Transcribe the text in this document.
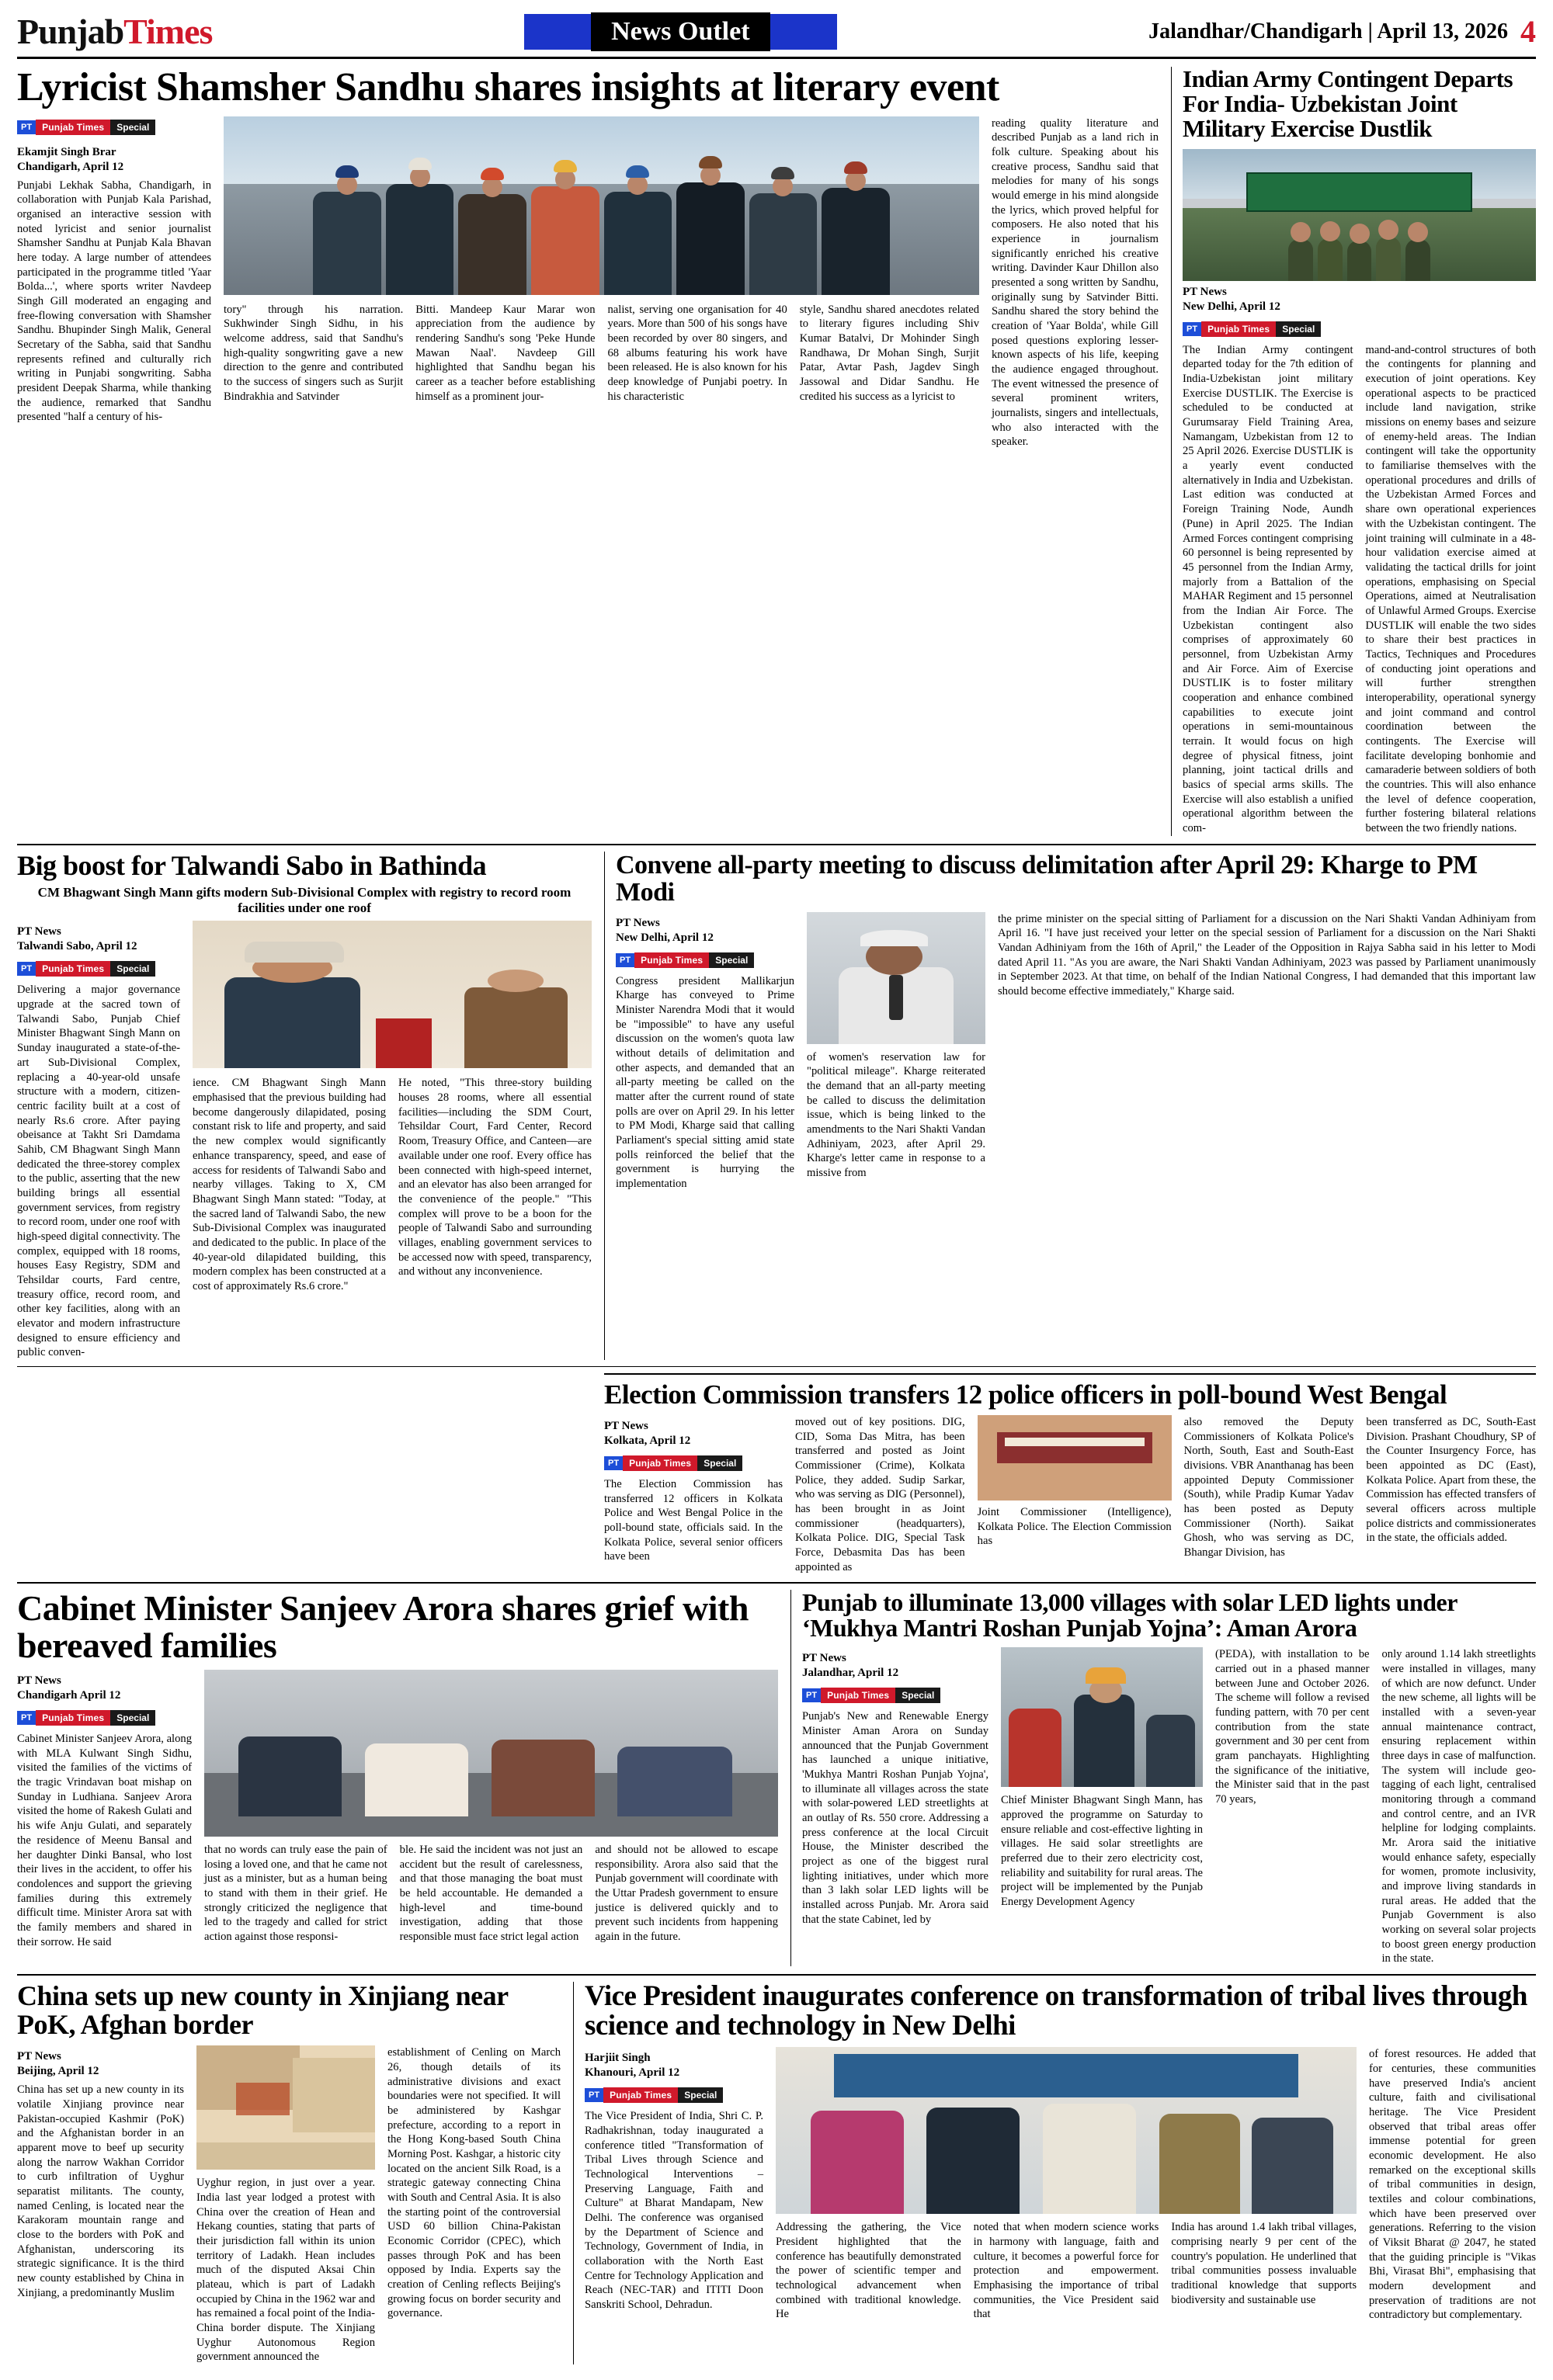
PunjabTimes	News Outlet	Jalandhar/Chandigarh | April 13, 2026 4
Lyricist Shamsher Sandhu shares insights at literary event
PT	Punjab Times	Special
Ekamjit Singh Brar
Chandigarh, April 12
Punjabi Lekhak Sabha, Chandigarh, in collaboration with Punjab Kala Parishad, organised an interactive session with noted lyricist and senior journalist Shamsher Sandhu at Punjab Kala Bhavan here today. A large number of attendees participated in the programme titled 'Yaar Bolda...', where sports writer Navdeep Singh Gill moderated an engaging and free-flowing conversation with Shamsher Sandhu. Bhupinder Singh Malik, General Secretary of the Sabha, said that Sandhu represents refined and culturally rich writing in Punjabi songwriting. Sabha president Deepak Sharma, while thanking the audience, remarked that Sandhu presented "half a century of his-
tory" through his narration. Sukhwinder Singh Sidhu, in his welcome address, said that Sandhu's high-quality songwriting gave a new direction to the genre and contributed to the success of singers such as Surjit Bindrakhia and Satvinder
Bitti. Mandeep Kaur Marar won appreciation from the audience by rendering Sandhu's song 'Peke Hunde Mawan Naal'. Navdeep Gill highlighted that Sandhu began his career as a teacher before establishing himself as a prominent jour-
nalist, serving one organisation for 40 years. More than 500 of his songs have been recorded by over 80 singers, and 68 albums featuring his work have been released. He is also known for his deep knowledge of Punjabi poetry. In his characteristic
style, Sandhu shared anecdotes related to literary figures including Shiv Kumar Batalvi, Dr Mohinder Singh Randhawa, Dr Mohan Singh, Surjit Patar, Avtar Pash, Jagdev Singh Jassowal and Didar Sandhu. He credited his success as a lyricist to
reading quality literature and described Punjab as a land rich in folk culture. Speaking about his creative process, Sandhu said that melodies for many of his songs would emerge in his mind alongside the lyrics, which proved helpful for composers. He also noted that his experience in journalism significantly enriched his creative writing. Davinder Kaur Dhillon also presented a song written by Sandhu, originally sung by Satvinder Bitti. Sandhu shared the story behind the creation of 'Yaar Bolda', while Gill posed questions exploring lesser-known aspects of his life, keeping the audience engaged throughout. The event witnessed the presence of several prominent writers, journalists, singers and intellectuals, who also interacted with the speaker.
Indian Army Contingent Departs For India- Uzbekistan Joint Military Exercise Dustlik
PT News
New Delhi, April 12
PT	Punjab Times	Special
The Indian Army contingent departed today for the 7th edition of India-Uzbekistan joint military Exercise DUSTLIK. The Exercise is scheduled to be conducted at Gurumsaray Field Training Area, Namangam, Uzbekistan from 12 to 25 April 2026. Exercise DUSTLIK is a yearly event conducted alternatively in India and Uzbekistan. Last edition was conducted at Foreign Training Node, Aundh (Pune) in April 2025. The Indian Armed Forces contingent comprising 60 personnel is being represented by 45 personnel from the Indian Army, majorly from a Battalion of the MAHAR Regiment and 15 personnel from the Indian Air Force. The Uzbekistan contingent also comprises of approximately 60 personnel, from Uzbekistan Army and Air Force. Aim of Exercise DUSTLIK is to foster military cooperation and enhance combined capabilities to execute joint operations in semi-mountainous terrain. It would focus on high degree of physical fitness, joint planning, joint tactical drills and basics of special arms skills. The Exercise will also establish a unified operational algorithm between the com-
mand-and-control structures of both the contingents for planning and execution of joint operations. Key operational aspects to be practiced include land navigation, strike missions on enemy bases and seizure of enemy-held areas. The Indian contingent will take the opportunity to familiarise themselves with the operational procedures and drills of the Uzbekistan Armed Forces and share own operational experiences with the Uzbekistan contingent. The joint training will culminate in a 48-hour validation exercise aimed at validating the tactical drills for joint operations, emphasising on Special Operations, aimed at Neutralisation of Unlawful Armed Groups. Exercise DUSTLIK will enable the two sides to share their best practices in Tactics, Techniques and Procedures of conducting joint operations and will further strengthen interoperability, operational synergy and joint command and control coordination between the contingents. The Exercise will facilitate developing bonhomie and camaraderie between soldiers of both the countries. This will also enhance the level of defence cooperation, further fostering bilateral relations between the two friendly nations.
Big boost for Talwandi Sabo in Bathinda
CM Bhagwant Singh Mann gifts modern Sub-Divisional Complex with registry to record room facilities under one roof
PT News
Talwandi Sabo, April 12
PT	Punjab Times	Special
Delivering a major governance upgrade at the sacred town of Talwandi Sabo, Punjab Chief Minister Bhagwant Singh Mann on Sunday inaugurated a state-of-the-art Sub-Divisional Complex, replacing a 40-year-old unsafe structure with a modern, citizen-centric facility built at a cost of nearly Rs.6 crore. After paying obeisance at Takht Sri Damdama Sahib, CM Bhagwant Singh Mann dedicated the three-storey complex to the public, asserting that the new building brings all essential government services, from registry to record room, under one roof with high-speed digital connectivity. The complex, equipped with 18 rooms, houses Easy Registry, SDM and Tehsildar courts, Fard centre, treasury office, record room, and other key facilities, along with an elevator and modern infrastructure designed to ensure efficiency and public conven-
ience. CM Bhagwant Singh Mann emphasised that the previous building had become dangerously dilapidated, posing constant risk to life and property, and said the new complex would significantly enhance transparency, speed, and ease of access for residents of Talwandi Sabo and nearby villages. Taking to X, CM Bhagwant Singh Mann stated: "Today, at the sacred land of Talwandi Sabo, the new Sub-Divisional Complex was inaugurated and dedicated to the public. In place of the 40-year-old dilapidated building, this modern complex has been constructed at a cost of approximately Rs.6 crore."
He noted, "This three-story building houses 28 rooms, where all essential facilities—including the SDM Court, Tehsildar Court, Fard Center, Record Room, Treasury Office, and Canteen—are available under one roof. Every office has been connected with high-speed internet, and an elevator has also been arranged for the convenience of the people." "This complex will prove to be a boon for the people of Talwandi Sabo and surrounding villages, enabling government services to be accessed now with speed, transparency, and without any inconvenience.
Convene all-party meeting to discuss delimitation after April 29: Kharge to PM Modi
PT News
New Delhi, April 12
PT	Punjab Times	Special
Congress president Mallikarjun Kharge has conveyed to Prime Minister Narendra Modi that it would be "impossible" to have any useful discussion on the women's quota law without details of delimitation and other aspects, and demanded that an all-party meeting be called on the matter after the current round of state polls are over on April 29. In his letter to PM Modi, Kharge said that calling Parliament's special sitting amid state polls reinforced the belief that the government is hurrying the implementation
of women's reservation law for "political mileage". Kharge reiterated the demand that an all-party meeting be called to discuss the delimitation issue, which is being linked to the amendments to the Nari Shakti Vandan Adhiniyam, 2023, after April 29. Kharge's letter came in response to a missive from
the prime minister on the special sitting of Parliament for a discussion on the Nari Shakti Vandan Adhiniyam from April 16. "I have just received your letter on the special session of Parliament for a discussion on the Nari Shakti Vandan Adhiniyam from the 16th of April," the Leader of the Opposition in Rajya Sabha said in his letter to Modi dated April 11. "As you are aware, the Nari Shakti Vandan Adhiniyam, 2023 was passed by Parliament unanimously in September 2023. At that time, on behalf of the Indian National Congress, I had demanded that this important law should become effective immediately," Kharge said.
Election Commission transfers 12 police officers in poll-bound West Bengal
PT News
Kolkata, April 12
PT	Punjab Times	Special
The Election Commission has transferred 12 officers in Kolkata Police and West Bengal Police in the poll-bound state, officials said. In the Kolkata Police, several senior officers have been
moved out of key positions. DIG, CID, Soma Das Mitra, has been transferred and posted as Joint Commissioner (Crime), Kolkata Police, they added. Sudip Sarkar, who was serving as DIG (Personnel), has been brought in as Joint commissioner (headquarters), Kolkata Police. DIG, Special Task Force, Debasmita Das has been appointed as
Joint Commissioner (Intelligence), Kolkata Police. The Election Commission has
also removed the Deputy Commissioners of Kolkata Police's North, South, East and South-East divisions. VBR Ananthanag has been appointed Deputy Commissioner (South), while Pradip Kumar Yadav has been posted as Deputy Commissioner (North). Saikat Ghosh, who was serving as DC, Bhangar Division, has
been transferred as DC, South-East Division. Prashant Choudhury, SP of the Counter Insurgency Force, has been appointed as DC (East), Kolkata Police. Apart from these, the Commission has effected transfers of several officers across multiple police districts and commissionerates in the state, the officials added.
Cabinet Minister Sanjeev Arora shares grief with bereaved families
PT News
Chandigarh April 12
PT	Punjab Times	Special
Cabinet Minister Sanjeev Arora, along with MLA Kulwant Singh Sidhu, visited the families of the victims of the tragic Vrindavan boat mishap on Sunday in Ludhiana. Sanjeev Arora visited the home of Rakesh Gulati and his wife Anju Gulati, and separately the residence of Meenu Bansal and her daughter Dinki Bansal, who lost their lives in the accident, to offer his condolences and support the grieving families during this extremely difficult time. Minister Arora sat with the family members and shared in their sorrow. He said
that no words can truly ease the pain of losing a loved one, and that he came not just as a minister, but as a human being to stand with them in their grief. He strongly criticized the negligence that led to the tragedy and called for strict action against those responsi-
ble. He said the incident was not just an accident but the result of carelessness, and that those managing the boat must be held accountable. He demanded a high-level and time-bound investigation, adding that those responsible must face strict legal action
and should not be allowed to escape responsibility. Arora also said that the Punjab government will coordinate with the Uttar Pradesh government to ensure justice is delivered quickly and to prevent such incidents from happening again in the future.
Punjab to illuminate 13,000 villages with solar LED lights under ‘Mukhya Mantri Roshan Punjab Yojna’: Aman Arora
PT News
Jalandhar, April 12
PT	Punjab Times	Special
Punjab's New and Renewable Energy Minister Aman Arora on Sunday announced that the Punjab Government has launched a unique initiative, 'Mukhya Mantri Roshan Punjab Yojna', to illuminate all villages across the state with solar-powered LED streetlights at an outlay of Rs. 550 crore. Addressing a press conference at the local Circuit House, the Minister described the project as one of the biggest rural lighting initiatives, under which more than 3 lakh solar LED lights will be installed across Punjab. Mr. Arora said that the state Cabinet, led by
Chief Minister Bhagwant Singh Mann, has approved the programme on Saturday to ensure reliable and cost-effective lighting in villages. He said solar streetlights are preferred due to their zero electricity cost, reliability and suitability for rural areas. The project will be implemented by the Punjab Energy Development Agency
(PEDA), with installation to be carried out in a phased manner between June and October 2026. The scheme will follow a revised funding pattern, with 70 per cent contribution from the state government and 30 per cent from gram panchayats. Highlighting the significance of the initiative, the Minister said that in the past 70 years,
only around 1.14 lakh streetlights were installed in villages, many of which are now defunct. Under the new scheme, all lights will be installed with a seven-year annual maintenance contract, ensuring replacement within three days in case of malfunction. The system will include geo-tagging of each light, centralised monitoring through a command and control centre, and an IVR helpline for lodging complaints. Mr. Arora said the initiative would enhance safety, especially for women, promote inclusivity, and improve living standards in rural areas. He added that the Punjab Government is also working on several solar projects to boost green energy production in the state.
China sets up new county in Xinjiang near PoK, Afghan border
PT News
Beijing, April 12
China has set up a new county in its volatile Xinjiang province near Pakistan-occupied Kashmir (PoK) and the Afghanistan border in an apparent move to beef up security along the narrow Wakhan Corridor to curb infiltration of Uyghur separatist militants. The county, named Cenling, is located near the Karakoram mountain range and close to the borders with PoK and Afghanistan, underscoring its strategic significance. It is the third new county established by China in Xinjiang, a predominantly Muslim
Uyghur region, in just over a year. India last year lodged a protest with China over the creation of Hean and Hekang counties, stating that parts of their jurisdiction fall within its union territory of Ladakh. Hean includes much of the disputed Aksai Chin plateau, which is part of Ladakh occupied by China in the 1962 war and has remained a focal point of the India-China border dispute. The Xinjiang Uyghur Autonomous Region government announced the
establishment of Cenling on March 26, though details of its administrative divisions and exact boundaries were not specified. It will be administered by Kashgar prefecture, according to a report in the Hong Kong-based South China Morning Post. Kashgar, a historic city located on the ancient Silk Road, is a strategic gateway connecting China with South and Central Asia. It is also the starting point of the controversial USD 60 billion China-Pakistan Economic Corridor (CPEC), which passes through PoK and has been opposed by India. Experts say the creation of Cenling reflects Beijing's growing focus on border security and governance.
Vice President inaugurates conference on transformation of tribal lives through science and technology in New Delhi
Harjiit Singh
Khanouri, April 12
PT	Punjab Times	Special
The Vice President of India, Shri C. P. Radhakrishnan, today inaugurated a conference titled "Transformation of Tribal Lives through Science and Technological Interventions – Preserving Language, Faith and Culture" at Bharat Mandapam, New Delhi. The conference was organised by the Department of Science and Technology, Government of India, in collaboration with the North East Centre for Technology Application and Reach (NEC-TAR) and ITITI Doon Sanskriti School, Dehradun.
Addressing the gathering, the Vice President highlighted that the conference has beautifully demonstrated the power of scientific temper and technological advancement when combined with traditional knowledge. He
noted that when modern science works in harmony with language, faith and culture, it becomes a powerful force for protection and empowerment. Emphasising the importance of tribal communities, the Vice President said that
India has around 1.4 lakh tribal villages, comprising nearly 9 per cent of the country's population. He underlined that tribal communities possess invaluable traditional knowledge that supports biodiversity and sustainable use
of forest resources. He added that for centuries, these communities have preserved India's ancient culture, faith and civilisational heritage. The Vice President observed that tribal areas offer immense potential for green economic development. He also remarked on the exceptional skills of tribal communities in design, textiles and colour combinations, which have been preserved over generations. Referring to the vision of Viksit Bharat @ 2047, he stated that the guiding principle is "Vikas Bhi, Virasat Bhi", emphasising that modern development and preservation of traditions are not contradictory but complementary.
